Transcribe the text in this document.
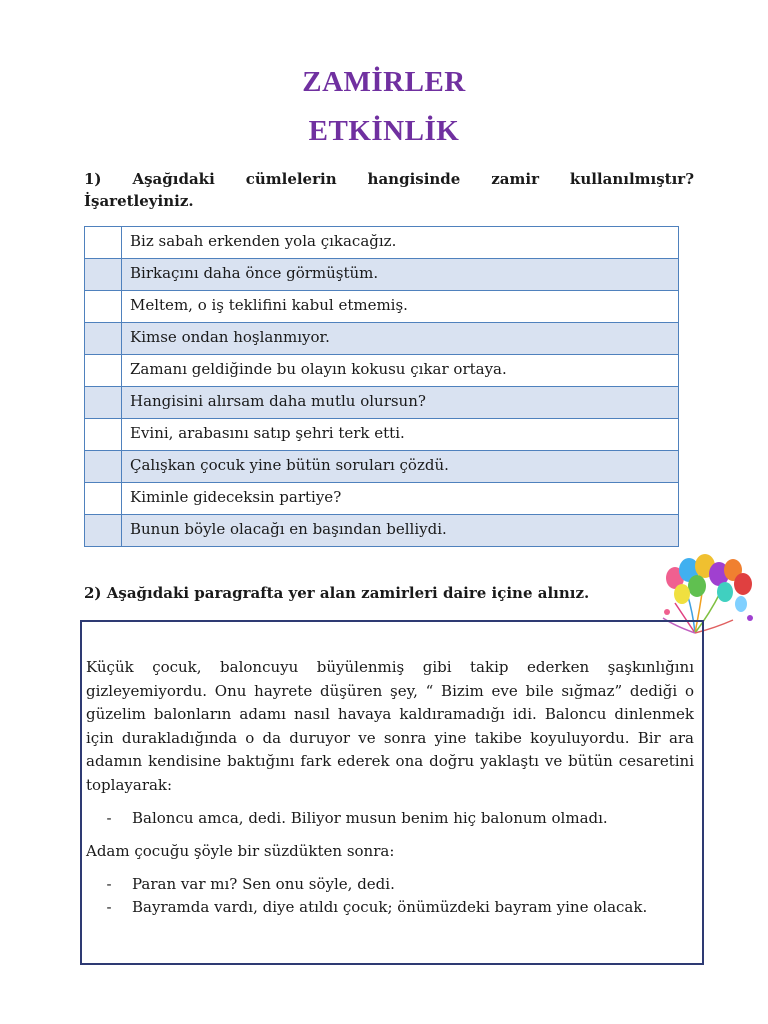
ZAMİRLER
ETKİNLİK
1) Aşağıdaki cümlelerin hangisinde zamir kullanılmıştır?
İşaretleyiniz.
	Biz sabah erkenden yola çıkacağız.
	Birkaçını daha önce görmüştüm.
	Meltem, o iş teklifini kabul etmemiş.
	Kimse ondan hoşlanmıyor.
	Zamanı geldiğinde bu olayın kokusu çıkar ortaya.
	Hangisini alırsam daha mutlu olursun?
	Evini, arabasını satıp şehri terk etti.
	Çalışkan çocuk yine bütün soruları çözdü.
	Kiminle gideceksin partiye?
	Bunun böyle olacağı en başından belliydi.
2) Aşağıdaki paragrafta yer alan zamirleri daire içine alınız.

Küçük çocuk, baloncuyu büyülenmiş gibi takip ederken şaşkınlığını gizleyemiyordu. Onu hayrete düşüren şey, “ Bizim eve bile sığmaz” dediği o güzelim balonların adamı nasıl havaya kaldıramadığı idi. Baloncu dinlenmek için durakladığında o da duruyor ve sonra yine takibe koyuluyordu. Bir ara adamın kendisine baktığını fark ederek ona doğru yaklaştı ve bütün cesaretini toplayarak:

-	Baloncu amca, dedi. Biliyor musun benim hiç balonum olmadı.

Adam çocuğu şöyle bir süzdükten sonra:

-	Paran var mı? Sen onu söyle, dedi.
-	Bayramda vardı, diye atıldı çocuk; önümüzdeki bayram yine olacak.
